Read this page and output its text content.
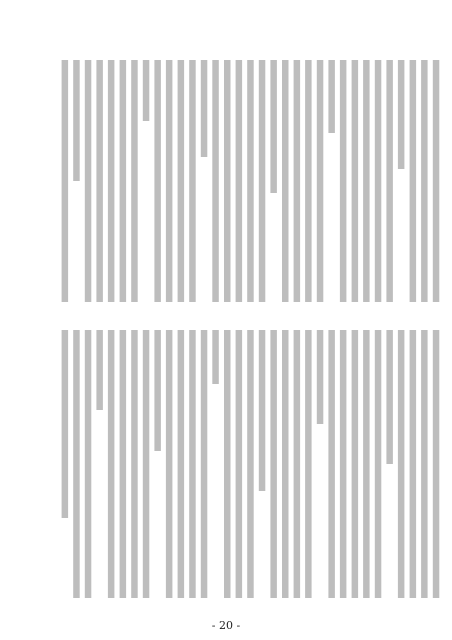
- 20 -
